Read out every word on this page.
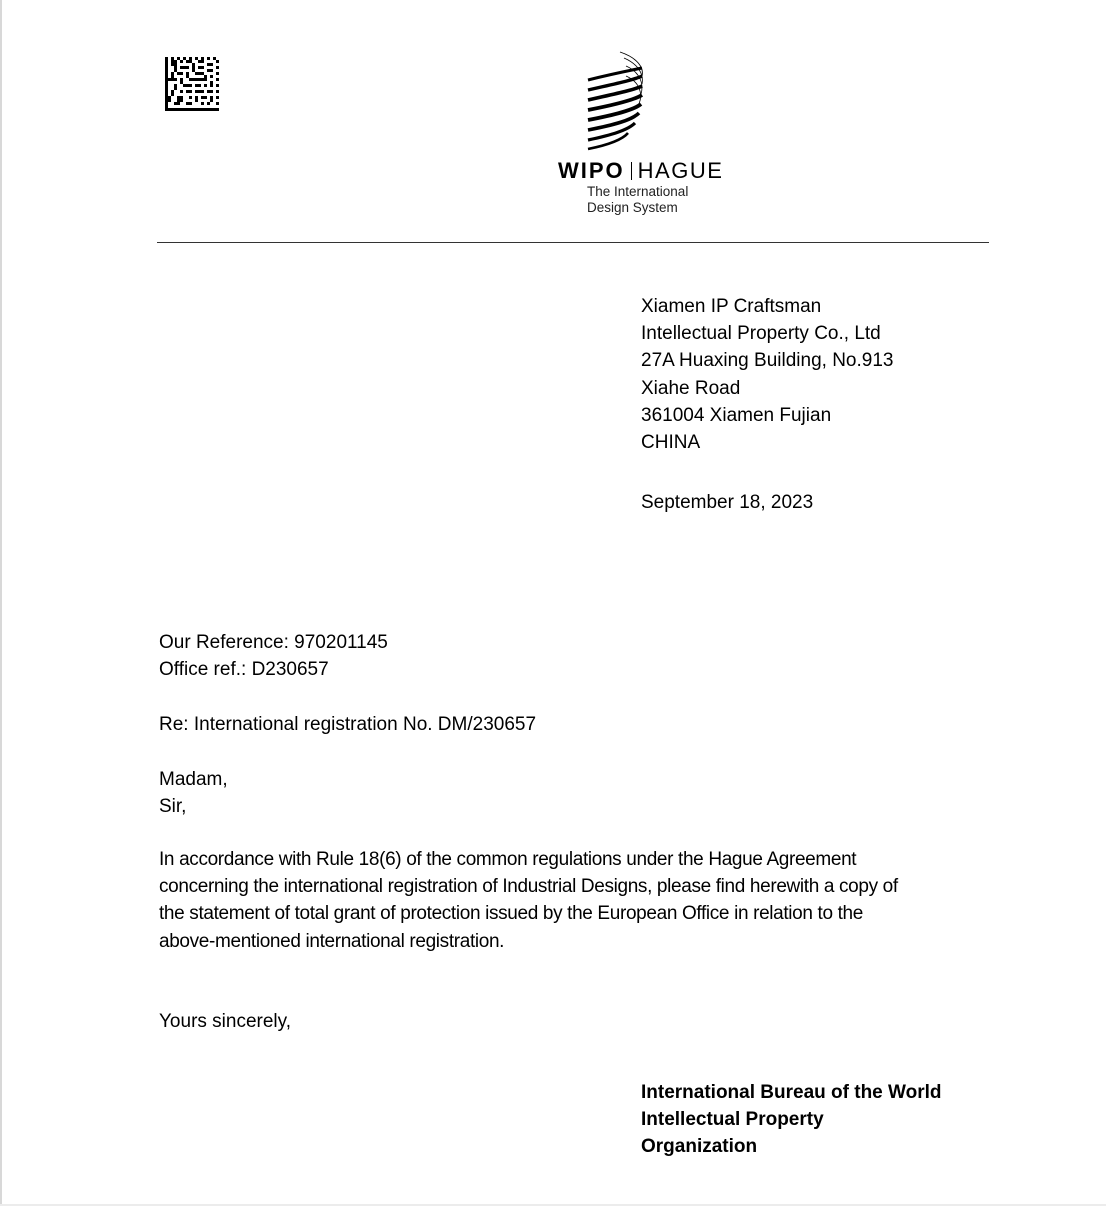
WIPO HAGUE
The International
Design System
Xiamen IP Craftsman
Intellectual Property Co., Ltd
27A Huaxing Building, No.913
Xiahe Road
361004 Xiamen Fujian
CHINA
September 18, 2023
Our Reference: 970201145
Office ref.: D230657
Re: International registration No. DM/230657
Madam,
Sir,
In accordance with Rule 18(6) of the common regulations under the Hague Agreement
concerning the international registration of Industrial Designs, please find herewith a copy of
the statement of total grant of protection issued by the European Office in relation to the
above-mentioned international registration.
Yours sincerely,
International Bureau of the World
Intellectual Property
Organization
